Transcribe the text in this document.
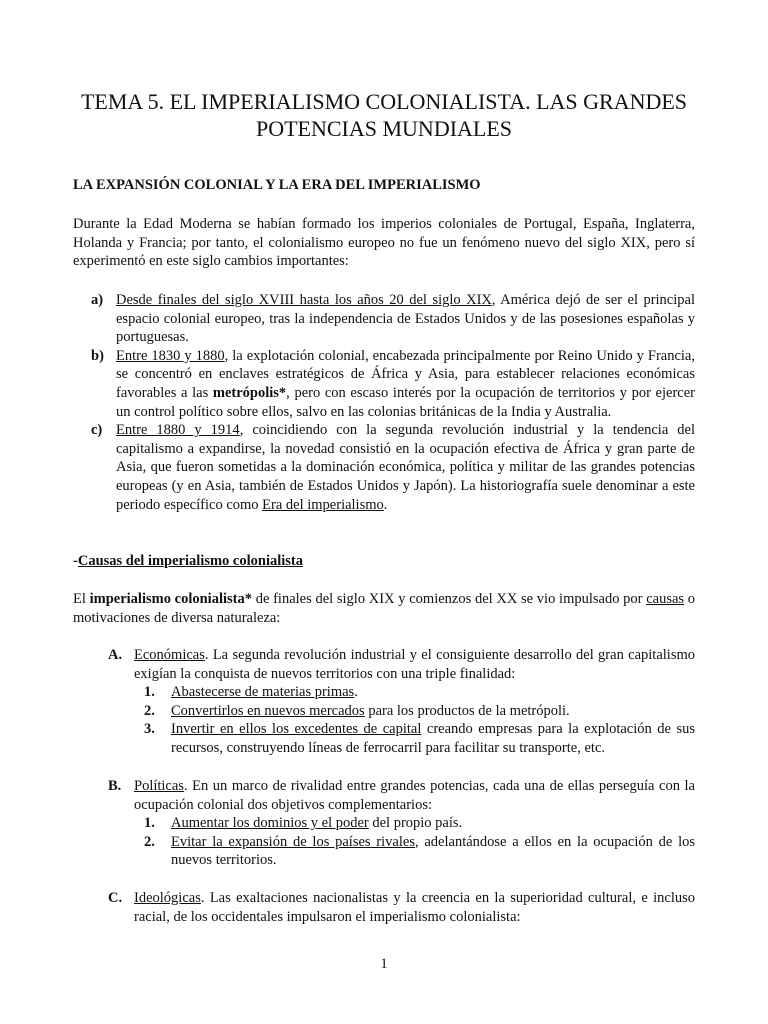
TEMA 5. EL IMPERIALISMO COLONIALISTA. LAS GRANDES
POTENCIAS MUNDIALES
LA EXPANSIÓN COLONIAL Y LA ERA DEL IMPERIALISMO
Durante la Edad Moderna se habían formado los imperios coloniales de Portugal, España, Inglaterra, Holanda y Francia; por tanto, el colonialismo europeo no fue un fenómeno nuevo del siglo XIX, pero sí experimentó en este siglo cambios importantes:

a) Desde finales del siglo XVIII hasta los años 20 del siglo XIX, América dejó de ser el principal espacio colonial europeo, tras la independencia de Estados Unidos y de las posesiones españolas y portuguesas.

b) Entre 1830 y 1880, la explotación colonial, encabezada principalmente por Reino Unido y Francia, se concentró en enclaves estratégicos de África y Asia, para establecer relaciones económicas favorables a las metrópolis*, pero con escaso interés por la ocupación de territorios y por ejercer un control político sobre ellos, salvo en las colonias británicas de la India y Australia.

c) Entre 1880 y 1914, coincidiendo con la segunda revolución industrial y la tendencia del capitalismo a expandirse, la novedad consistió en la ocupación efectiva de África y gran parte de Asia, que fueron sometidas a la dominación económica, política y militar de las grandes potencias europeas (y en Asia, también de Estados Unidos y Japón). La historiografía suele denominar a este periodo específico como Era del imperialismo.

-Causas del imperialismo colonialista
El imperialismo colonialista* de finales del siglo XIX y comienzos del XX se vio impulsado por causas o motivaciones de diversa naturaleza:

A. Económicas. La segunda revolución industrial y el consiguiente desarrollo del gran capitalismo exigían la conquista de nuevos territorios con una triple finalidad:

1. Abastecerse de materias primas.

2. Convertirlos en nuevos mercados para los productos de la metrópoli.

3. Invertir en ellos los excedentes de capital creando empresas para la explotación de sus recursos, construyendo líneas de ferrocarril para facilitar su transporte, etc.

B. Políticas. En un marco de rivalidad entre grandes potencias, cada una de ellas perseguía con la ocupación colonial dos objetivos complementarios:

1. Aumentar los dominios y el poder del propio país.

2. Evitar la expansión de los países rivales, adelantándose a ellos en la ocupación de los nuevos territorios.

C. Ideológicas. Las exaltaciones nacionalistas y la creencia en la superioridad cultural, e incluso racial, de los occidentales impulsaron el imperialismo colonialista:

1
